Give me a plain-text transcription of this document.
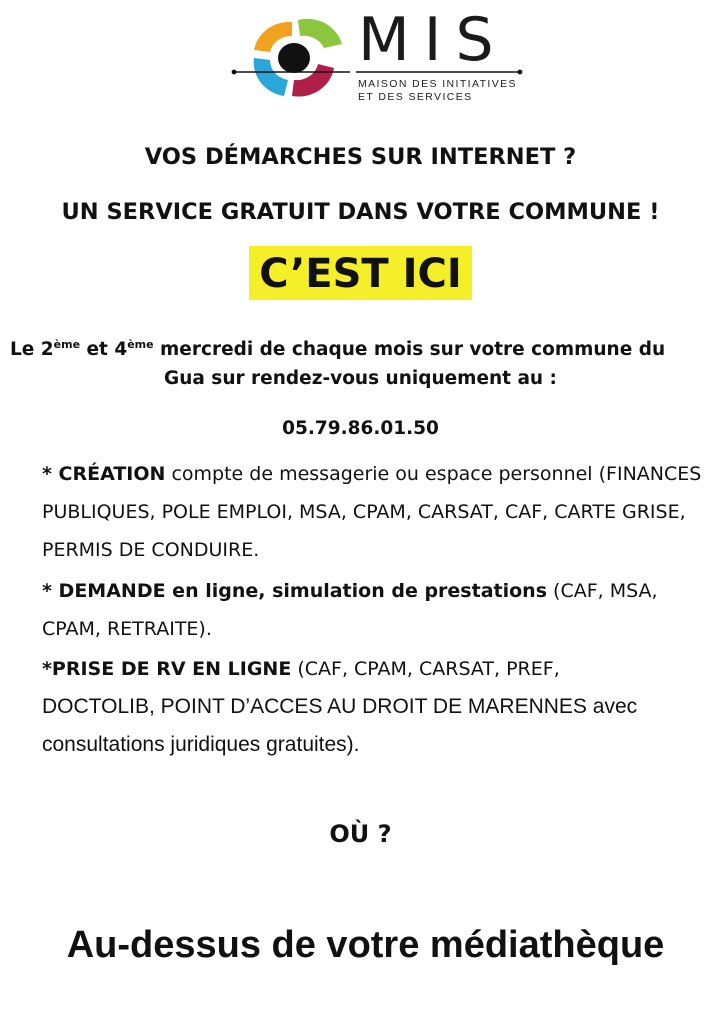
MIS
MAISON DES INITIATIVES
ET DES SERVICES
VOS DÉMARCHES SUR INTERNET ?
UN SERVICE GRATUIT DANS VOTRE COMMUNE !
C’EST ICI
Le 2ème et 4ème mercredi de chaque mois sur votre commune du
Gua sur rendez-vous uniquement au :
05.79.86.01.50
* CRÉATION compte de messagerie ou espace personnel (FINANCES PUBLIQUES, POLE EMPLOI, MSA, CPAM, CARSAT, CAF, CARTE GRISE, PERMIS DE CONDUIRE.
* DEMANDE en ligne, simulation de prestations (CAF, MSA, CPAM, RETRAITE).
*PRISE DE RV EN LIGNE (CAF, CPAM, CARSAT, PREF,
DOCTOLIB, POINT D’ACCES AU DROIT DE MARENNES avec consultations juridiques gratuites).
OÙ ?
Au-dessus de votre médiathèque
